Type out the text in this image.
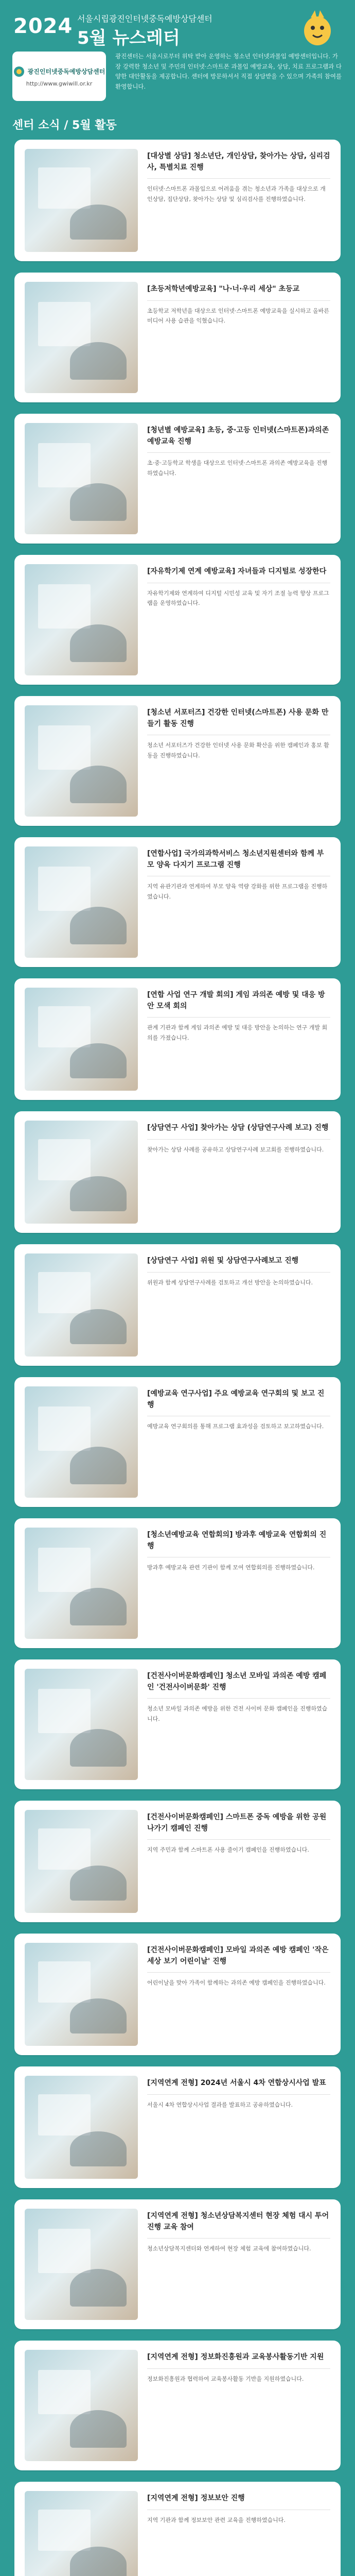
2024 서울시립광진인터넷중독예방상담센터
5월 뉴스레터
광진인터넷중독예방상담센터
http://www.gwiwill.or.kr
광진센터는 서울시로부터 위탁 받아 운영하는 청소년 인터넷과몰입 예방센터입니다. 가장 강력한 청소년 및 주민의 인터넷·스마트폰 과몰입 예방교육, 상담, 치료 프로그램과 다양한 대안활동을 제공합니다. 센터에 방문하셔서 직접 상담받을 수 있으며 가족의 참여를 환영합니다.
센터 소식 / 5월 활동
[대상별 상담] 청소년단, 개인상담, 찾아가는 상담, 심리검사, 특별치료 진행
인터넷·스마트폰 과몰입으로 어려움을 겪는 청소년과 가족을 대상으로 개인상담, 집단상담, 찾아가는 상담 및 심리검사를 진행하였습니다.
[초등저학년예방교육] "나·너·우리 세상" 초등교
초등학교 저학년을 대상으로 인터넷·스마트폰 예방교육을 실시하고 올바른 미디어 사용 습관을 익혔습니다.
[청년별 예방교육] 초등, 중·고등 인터넷(스마트폰)과의존 예방교육 진행
초·중·고등학교 학생을 대상으로 인터넷·스마트폰 과의존 예방교육을 진행하였습니다.
[자유학기제 연계 예방교육] 자녀들과 디지털로 성장한다
자유학기제와 연계하여 디지털 시민성 교육 및 자기 조절 능력 향상 프로그램을 운영하였습니다.
[청소년 서포터즈] 건강한 인터넷(스마트폰) 사용 문화 만들기 활동 진행
청소년 서포터즈가 건강한 인터넷 사용 문화 확산을 위한 캠페인과 홍보 활동을 진행하였습니다.
[연합사업] 국가의과학서비스 청소년지원센터와 함께 부모 양육 다지기 프로그램 진행
지역 유관기관과 연계하여 부모 양육 역량 강화를 위한 프로그램을 진행하였습니다.
[연합 사업 연구 개발 회의] 게임 과의존 예방 및 대응 방안 모색 회의
관계 기관과 함께 게임 과의존 예방 및 대응 방안을 논의하는 연구 개발 회의를 가졌습니다.
[상담연구 사업] 찾아가는 상담 (상담연구사례 보고) 진행
찾아가는 상담 사례를 공유하고 상담연구사례 보고회를 진행하였습니다.
[상담연구 사업] 위원 및 상담연구사례보고 진행
위원과 함께 상담연구사례를 검토하고 개선 방안을 논의하였습니다.
[예방교육 연구사업] 주요 예방교육 연구회의 및 보고 진행
예방교육 연구회의를 통해 프로그램 효과성을 검토하고 보고하였습니다.
[청소년예방교육 연합회의] 방과후 예방교육 연합회의 진행
방과후 예방교육 관련 기관이 함께 모여 연합회의를 진행하였습니다.
[건전사이버문화캠페인] 청소년 모바일 과의존 예방 캠페인 '건전사이버문화' 진행
청소년 모바일 과의존 예방을 위한 건전 사이버 문화 캠페인을 진행하였습니다.
[건전사이버문화캠페인] 스마트폰 중독 예방을 위한 공원 나가기 캠페인 진행
지역 주민과 함께 스마트폰 사용 줄이기 캠페인을 진행하였습니다.
[건전사이버문화캠페인] 모바일 과의존 예방 캠페인 '작은 세상 보기 어린이날' 진행
어린이날을 맞아 가족이 함께하는 과의존 예방 캠페인을 진행하였습니다.
[지역연계 전형] 2024년 서울시 4차 연합상시사업 발표
서울시 4차 연합상시사업 결과를 발표하고 공유하였습니다.
[지역연계 전형] 청소년상담복지센터 현장 체험 대시 투어 진행 교육 참여
청소년상담복지센터와 연계하여 현장 체험 교육에 참여하였습니다.
[지역연계 전형] 정보화진흥원과 교육봉사활동기반 지원
정보화진흥원과 협력하여 교육봉사활동 기반을 지원하였습니다.
[지역연계 전형] 정보보안 진행
지역 기관과 함께 정보보안 관련 교육을 진행하였습니다.
